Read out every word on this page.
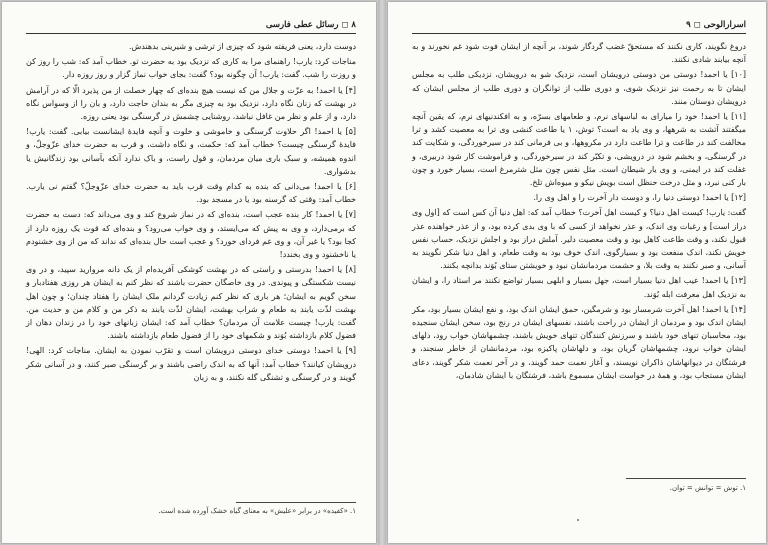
۸ ◻ رسائل عطی فارسی

دوست دارد، یعنی فریفته شود که چیزی از ترشی و شیرینی بدهندش.

مناجات کرد: یارب! راهنمای مرا به کاری که نزدیک بود به حضرت تو. خطاب آمد که: شب را روز کن و روزت را شب. گفت: یارب! آن چگونه بود؟ گفت: بجای خواب نماز گزار و روز روزه دار.

[۴] یا احمد! به عزّت و جلال من که نیست هیچ بنده‌ای که چهار خصلت از من پذیرد الّا که در آرامش در بهشت که زنان نگاه دارد، نزدیک بود به چیزی مگر به بندان حاجت دارد، و بان را از وسواس نگاه دارد، و از علم و نظر من غافل نباشد، روشنایی چشمش در گرسنگی بود یعنی روزه.

[۵] یا احمد! اگر حلاوت گرسنگی و خاموشی و خلوت و آنچه فایدهٔ ایشانست بیابی. گفت: یارب! فایدهٔ گرسنگی چیست؟ خطاب آمد که: حکمت، و نگاه داشت، و قرب به حضرت خدای عزّوجلّ، و اندوه همیشه، و سبک باری میان مردمان، و قول راست، و باک ندارد آنکه بآسانی بود زندگانیش یا بدشواری.

[۶] یا احمد! می‌دانی که بنده به کدام وقت قرب باید به حضرت خدای عزّوجلّ؟ گفتم نی یارب. خطاب آمد: وقتی که گرسنه بود یا در مسجد بود.

[۷] یا احمد! کار بنده عجب است، بنده‌ای که در نماز شروع کند و وی می‌داند که: دست به حضرت که برمی‌دارد، و وی به پیش که می‌ایستد، و وی خواب می‌رود؟ و بنده‌ای که قوت یک روزه دارد از کجا بود؟ یا غیر آن، و وی غم فردای خورد؟ و عجب است حال بنده‌ای که نداند که من از وی خشنودم یا ناخشنود و وی بخندد!

[۸] یا احمد! بدرستی و راستی که در بهشت کوشکی آفریده‌ام از یک دانه مروارید سپید، و در وی نیست شکستگی و پیوندی. در وی خاصگان حضرت باشند که نظر کنم به ایشان هر روزی هفتادبار و سخن گویم به ایشان؛ هر باری که نظر کنم زیادت گردانم ملک ایشان را هفتاد چندان؛ و چون اهل بهشت لذّت یابند به طعام و شراب بهشت، ایشان لذّت یابند به ذکر من و کلام من و حدیث من. گفت: یارب! چیست علامت آن مردمان؟ خطاب آمد که: ایشان زبانهای خود را در زندان دهان از فضول کلام بازداشته بُوَند و شکمهای خود را از فضول طعام بازداشته باشند.

[۹] یا احمد! دوستی خدای دوستی درویشان است و تقرّب نمودن به ایشان. مناجات کرد: الهی! درویشان کیانند؟ خطاب آمد: آنها که به اندک راضی باشند و بر گرسنگی صبر کنند، و در آسانی شکر گویند و در گرسنگی و تشنگی گله نکنند، و به زبان

۱. «کفیده» در برابر «علیش» به معنای گیاه خشک آورده شده است.
اسرارالوحی ◻ ۹

دروغ نگویند، کاری نکنند که مستحقّ غضب گردگار شوند، بر آنچه از ایشان فوت شود غم نخورند و به آنچه بیابند شادی نکنند.

[۱۰] یا احمد! دوستی من دوستی درویشان است، نزدیک شو به درویشان، نزدیکی طلب به مجلس ایشان تا به رحمت نیز نزدیک شوی، و دوری طلب از توانگران و دوری طلب از مجلس ایشان که درویشان دوستان منند.

[۱۱] یا احمد! خود را میارای به لباسهای نرم، و طعامهای بسرّه، و به افکندنیهای نرم، که یقین آنچه میگفتند آتشت به شرهها، و وی یاد به است؟ توش، ۱ یا طاعت کنشی وی ترا به معصیت کشد و ترا مخالفت کند در طاعت و ترا طاعت دارد در مکروهها، و بی فرمانی کند در سیرخوردگی، و شکایت کند در گرسنگی، و بخشم شود در درویشی، و تکبّر کند در سیرخوردگی، و فراموشت کار شود دربیری، و غفلت کند در ایمنی، و وی یار شیطان است. مثل نفس چون مثل شترمرغ است، بسیار خورد و چون بار کنی نبرد، و مثل درخت حنظل است بویش نیکو و میوه‌اش تلخ.

[۱۲] یا احمد! دوستی دنیا را، و دوست دار آخرت را و اهل وی را.

گفت: یارب! کیست اهل دنیا؟ و کیست اهل آخرت؟ خطاب آمد که: اهل دنیا آن کس است که [اول وی دراز است] و رغبات وی اندک، و عذر نخواهد از کسی که با وی بدی کرده بود، و از عذر خواهنده عذر قبول نکند، و وقت طاعت کاهل بود و وقت معصیت دلیر. آملش دراز بود و اجلش نزدیک، حساب نفس خویش نکند، اندک منفعت بود و بسیارگوی، اندک خوف بود به وقت طعام، و اهل دنیا شکر نگویند به آسانی، و صبر نکنند به وقت بلا، و حشمت مردمانشان نبود و خویشتن ستای بُوَند بدانچه بکنند.

[۱۳] یا احمد! عیب اهل دنیا بسیار است، جهل بسیار و ابلهی بسیار تواضع نکنند مر استاد را، و ایشان به نزدیک اهل معرفت ابله بُوَند.

[۱۴] یا احمد! اهل آخرت شرمسار بود و شرمگین، حمق ایشان اندک بود، و نفع ایشان بسیار بود، مکر ایشان اندک بود و مردمان از ایشان در راحت باشند، نفسهای ایشان در رنج بود، سخن ایشان سنجیده بود، محاسبان تنهای خود باشند و سرزنش کنندگان تنهای خویش باشند، چشمهاشان خواب رود، دلهای ایشان خواب نرود، چشمهاشان گریان بود، و دلهاشان پاکیزه بود، مردمانشان از خاطر سنجند، و فرشتگان در دیوانهاشان ذاکران نویسند، و آغاز نعمت حمد گویند، و در آخر نعمت شکر گویند، دعای ایشان مستجاب بود، و همهٔ در خواست ایشان مسموع باشد، فرشتگان با ایشان شادمان،

۱. توش = توانش = توان.
